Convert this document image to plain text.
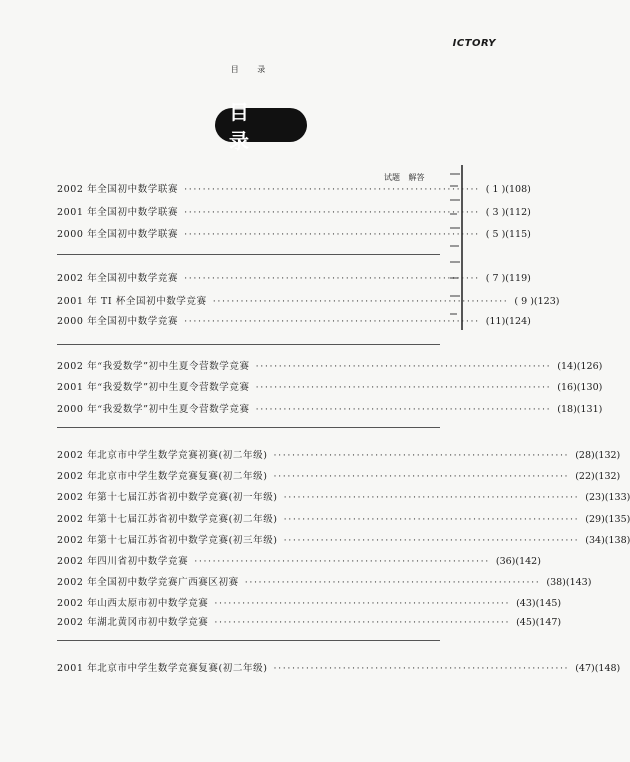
ICTORY
目 录
目 录
试题 解答
2002 年全国初中数学联赛 ································································ ( 1 )(108)
2001 年全国初中数学联赛 ································································ ( 3 )(112)
2000 年全国初中数学联赛 ································································ ( 5 )(115)
2002 年全国初中数学竞赛 ································································ ( 7 )(119)
2001 年 TI 杯全国初中数学竞赛 ································································ ( 9 )(123)
2000 年全国初中数学竞赛 ································································ (11)(124)
2002 年“我爱数学”初中生夏令营数学竞赛 ································································ (14)(126)
2001 年“我爱数学”初中生夏令营数学竞赛 ································································ (16)(130)
2000 年“我爱数学”初中生夏令营数学竞赛 ································································ (18)(131)
2002 年北京市中学生数学竞赛初赛(初二年级) ································································ (28)(132)
2002 年北京市中学生数学竞赛复赛(初二年级) ································································ (22)(132)
2002 年第十七届江苏省初中数学竞赛(初一年级) ································································ (23)(133)
2002 年第十七届江苏省初中数学竞赛(初二年级) ································································ (29)(135)
2002 年第十七届江苏省初中数学竞赛(初三年级) ································································ (34)(138)
2002 年四川省初中数学竞赛 ································································ (36)(142)
2002 年全国初中数学竞赛广西赛区初赛 ································································ (38)(143)
2002 年山西太原市初中数学竞赛 ································································ (43)(145)
2002 年湖北黄冈市初中数学竞赛 ································································ (45)(147)
2001 年北京市中学生数学竞赛复赛(初二年级) ································································ (47)(148)
